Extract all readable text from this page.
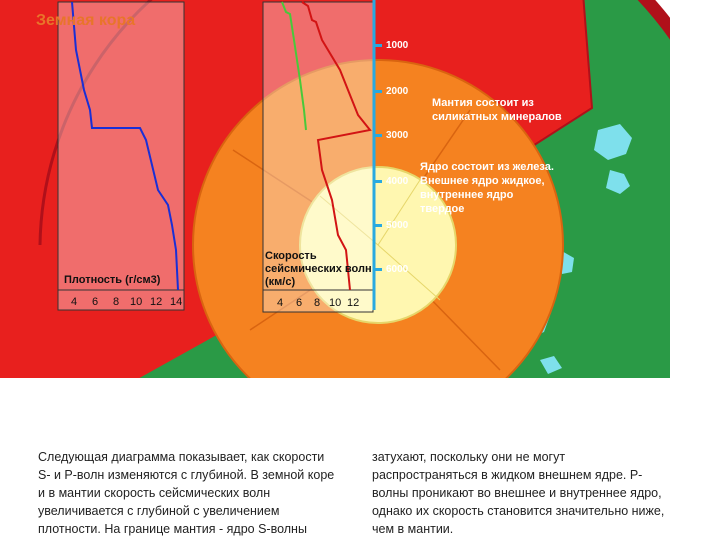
Земная кора
1000
2000
3000
4000
5000
6000
Мантия состоит из
силикатных минералов
Ядро состоит из железа.
Внешнее ядро жидкое,
внутреннее ядро
твердое
Плотность (г/см3)
4 6 8 10 12 14
Скорость
сейсмических волн
(км/с)
4 6 8 10 12
Следующая диаграмма показывает, как скорости
S- и P-волн изменяются с глубиной. В земной коре
и в мантии скорость сейсмических волн
увеличивается с глубиной с увеличением
плотности. На границе мантия - ядро S-волны
затухают, поскольку они не могут
распространяться в жидком внешнем ядре. P-
волны проникают во внешнее и внутреннее ядро,
однако их скорость становится значительно ниже,
чем в мантии.
